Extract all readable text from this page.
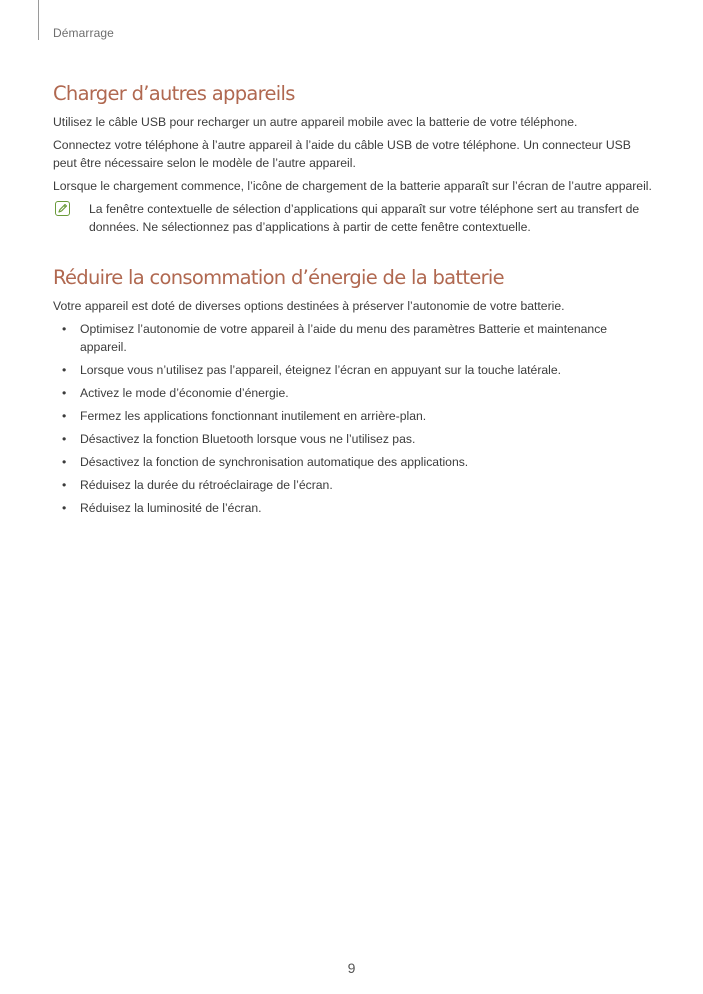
Démarrage
Charger d’autres appareils

Utilisez le câble USB pour recharger un autre appareil mobile avec la batterie de votre téléphone.

Connectez votre téléphone à l’autre appareil à l’aide du câble USB de votre téléphone. Un connecteur USB peut être nécessaire selon le modèle de l’autre appareil.

Lorsque le chargement commence, l’icône de chargement de la batterie apparaît sur l’écran de l’autre appareil.

La fenêtre contextuelle de sélection d’applications qui apparaît sur votre téléphone sert au transfert de données. Ne sélectionnez pas d’applications à partir de cette fenêtre contextuelle.
Réduire la consommation d’énergie de la batterie

Votre appareil est doté de diverses options destinées à préserver l’autonomie de votre batterie.

• Optimisez l’autonomie de votre appareil à l’aide du menu des paramètres Batterie et maintenance appareil.
• Lorsque vous n’utilisez pas l’appareil, éteignez l’écran en appuyant sur la touche latérale.
• Activez le mode d’économie d’énergie.
• Fermez les applications fonctionnant inutilement en arrière-plan.
• Désactivez la fonction Bluetooth lorsque vous ne l’utilisez pas.
• Désactivez la fonction de synchronisation automatique des applications.
• Réduisez la durée du rétroéclairage de l’écran.
• Réduisez la luminosité de l’écran.
9
